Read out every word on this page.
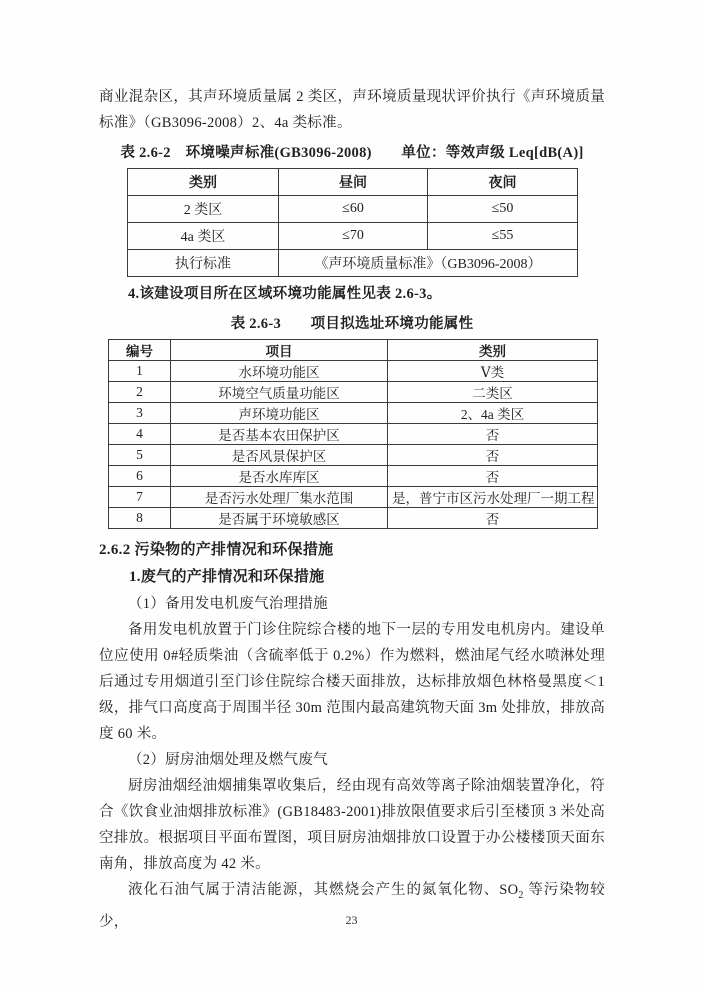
商业混杂区，其声环境质量属 2 类区，声环境质量现状评价执行《声环境质量标准》（GB3096-2008）2、4a 类标准。

表 2.6-2　环境噪声标准(GB3096-2008)　　单位：等效声级 Leq[dB(A)]

类别	昼间	夜间
2 类区	≤60	≤50
4a 类区	≤70	≤55
执行标准	《声环境质量标准》（GB3096-2008）	

4.该建设项目所在区域环境功能属性见表 2.6-3。

表 2.6-3　　项目拟选址环境功能属性

编号	项目	类别
1	水环境功能区	Ⅴ类
2	环境空气质量功能区	二类区
3	声环境功能区	2、4a 类区
4	是否基本农田保护区	否
5	是否风景保护区	否
6	是否水库库区	否
7	是否污水处理厂集水范围	是，普宁市区污水处理厂一期工程
8	是否属于环境敏感区	否

2.6.2 污染物的产排情况和环保措施

1.废气的产排情况和环保措施

（1）备用发电机废气治理措施

备用发电机放置于门诊住院综合楼的地下一层的专用发电机房内。建设单位应使用 0#轻质柴油（含硫率低于 0.2%）作为燃料，燃油尾气经水喷淋处理后通过专用烟道引至门诊住院综合楼天面排放，达标排放烟色林格曼黑度＜1 级，排气口高度高于周围半径 30m 范围内最高建筑物天面 3m 处排放，排放高度 60 米。

（2）厨房油烟处理及燃气废气

厨房油烟经油烟捕集罩收集后，经由现有高效等离子除油烟装置净化，符合《饮食业油烟排放标准》(GB18483-2001)排放限值要求后引至楼顶 3 米处高空排放。根据项目平面布置图，项目厨房油烟排放口设置于办公楼楼顶天面东南角，排放高度为 42 米。

液化石油气属于清洁能源，其燃烧会产生的氮氧化物、$SO_2$ 等污染物较少，	23
